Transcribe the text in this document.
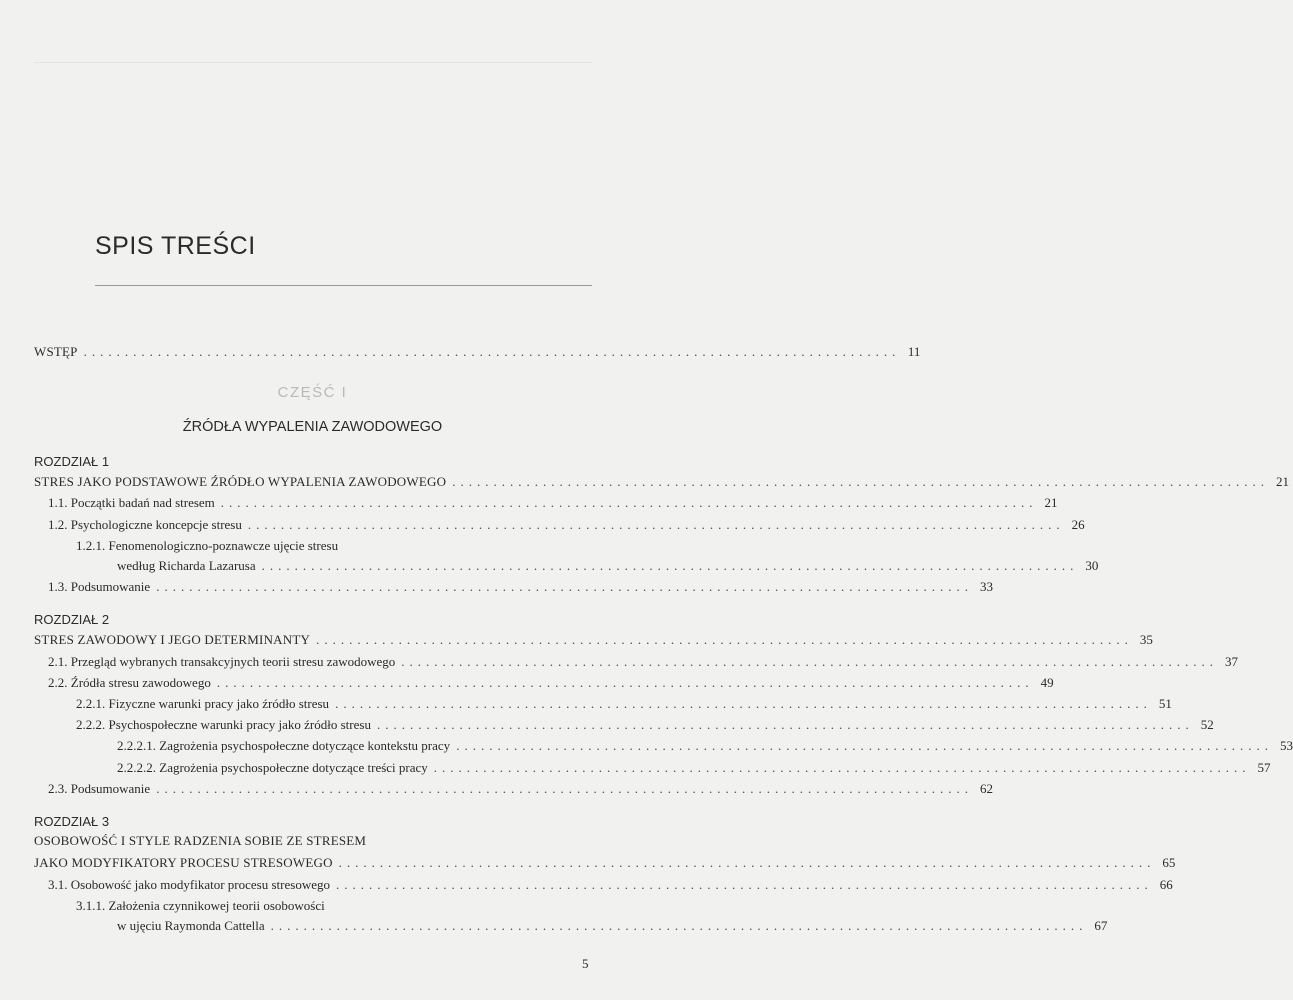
SPIS TREŚCI
WSTĘP ................................................................................................... 11
CZĘŚĆ I
ŹRÓDŁA WYPALENIA ZAWODOWEGO
ROZDZIAŁ 1
STRES JAKO PODSTAWOWE ŹRÓDŁO WYPALENIA ZAWODOWEGO ................................................................................................... 21
1.1. Początki badań nad stresem ................................................................................................... 21
1.2. Psychologiczne koncepcje stresu ................................................................................................... 26
1.2.1. Fenomenologiczno-poznawcze ujęcie stresu
według Richarda Lazarusa ................................................................................................... 30
1.3. Podsumowanie ................................................................................................... 33
ROZDZIAŁ 2
STRES ZAWODOWY I JEGO DETERMINANTY ................................................................................................... 35
2.1. Przegląd wybranych transakcyjnych teorii stresu zawodowego ................................................................................................... 37
2.2. Źródła stresu zawodowego ................................................................................................... 49
2.2.1. Fizyczne warunki pracy jako źródło stresu ................................................................................................... 51
2.2.2. Psychospołeczne warunki pracy jako źródło stresu ................................................................................................... 52
2.2.2.1. Zagrożenia psychospołeczne dotyczące kontekstu pracy ................................................................................................... 53
2.2.2.2. Zagrożenia psychospołeczne dotyczące treści pracy ................................................................................................... 57
2.3. Podsumowanie ................................................................................................... 62
ROZDZIAŁ 3
OSOBOWOŚĆ I STYLE RADZENIA SOBIE ZE STRESEM
JAKO MODYFIKATORY PROCESU STRESOWEGO ................................................................................................... 65
3.1. Osobowość jako modyfikator procesu stresowego ................................................................................................... 66
3.1.1. Założenia czynnikowej teorii osobowości
w ujęciu Raymonda Cattella ................................................................................................... 67
5
